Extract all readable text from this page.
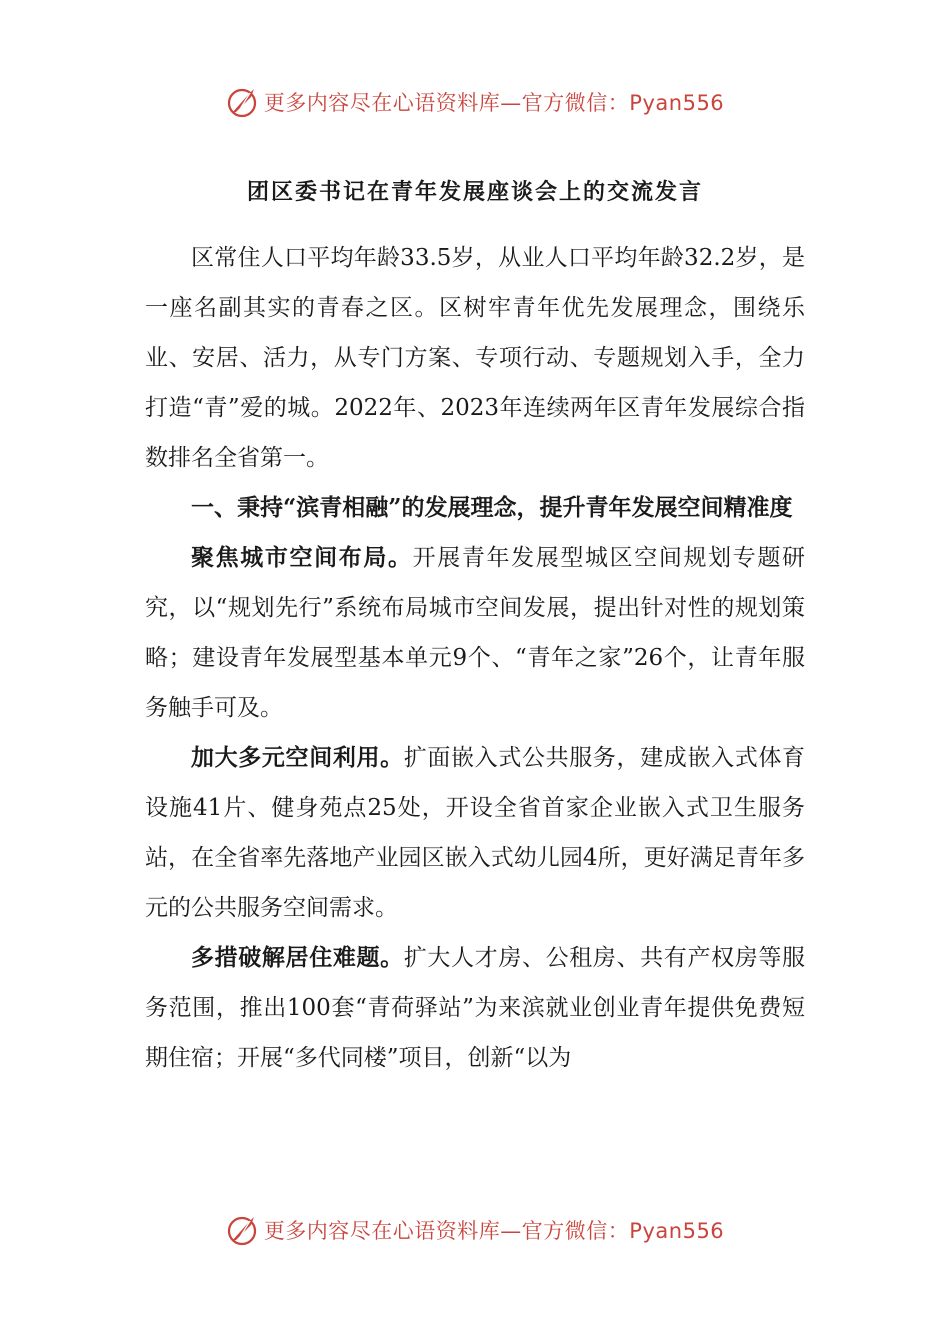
更多内容尽在心语资料库—官方微信：Pyan556
团区委书记在青年发展座谈会上的交流发言

区常住人口平均年龄33.5岁，从业人口平均年龄32.2岁，是一座名副其实的青春之区。区树牢青年优先发展理念，围绕乐业、安居、活力，从专门方案、专项行动、专题规划入手，全力打造“青”爱的城。2022年、2023年连续两年区青年发展综合指数排名全省第一。

一、秉持“滨青相融”的发展理念，提升青年发展空间精准度

聚焦城市空间布局。开展青年发展型城区空间规划专题研究，以“规划先行”系统布局城市空间发展，提出针对性的规划策略；建设青年发展型基本单元9个、“青年之家”26个，让青年服务触手可及。

加大多元空间利用。扩面嵌入式公共服务，建成嵌入式体育设施41片、健身苑点25处，开设全省首家企业嵌入式卫生服务站，在全省率先落地产业园区嵌入式幼儿园4所，更好满足青年多元的公共服务空间需求。

多措破解居住难题。扩大人才房、公租房、共有产权房等服务范围，推出100套“青荷驿站”为来滨就业创业青年提供免费短期住宿；开展“多代同楼”项目，创新“以为

更多内容尽在心语资料库—官方微信：Pyan556
